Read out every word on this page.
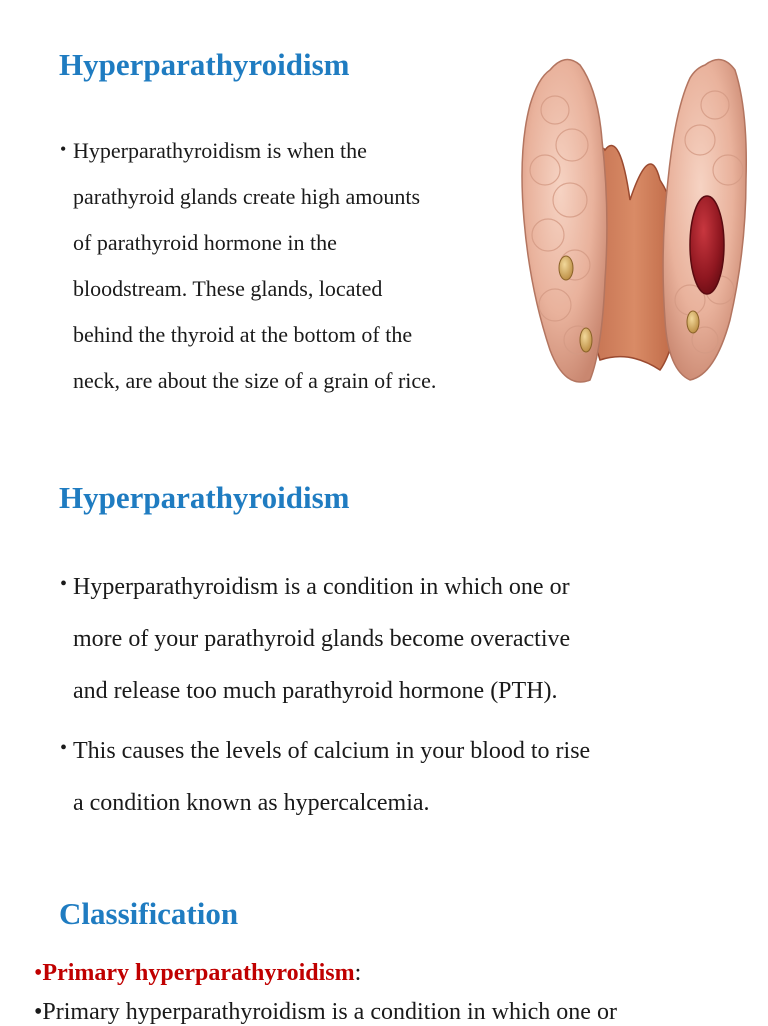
Hyperparathyroidism
• Hyperparathyroidism is when the
parathyroid glands create high amounts
of parathyroid hormone in the
bloodstream. These glands, located
behind the thyroid at the bottom of the
neck, are about the size of a grain of rice.
Hyperparathyroidism
• Hyperparathyroidism is a condition in which one or
more of your parathyroid glands become overactive
and release too much parathyroid hormone (PTH).
• This causes the levels of calcium in your blood to rise
a condition known as hypercalcemia.
Classification
•Primary hyperparathyroidism:
•Primary hyperparathyroidism is a condition in which one or
